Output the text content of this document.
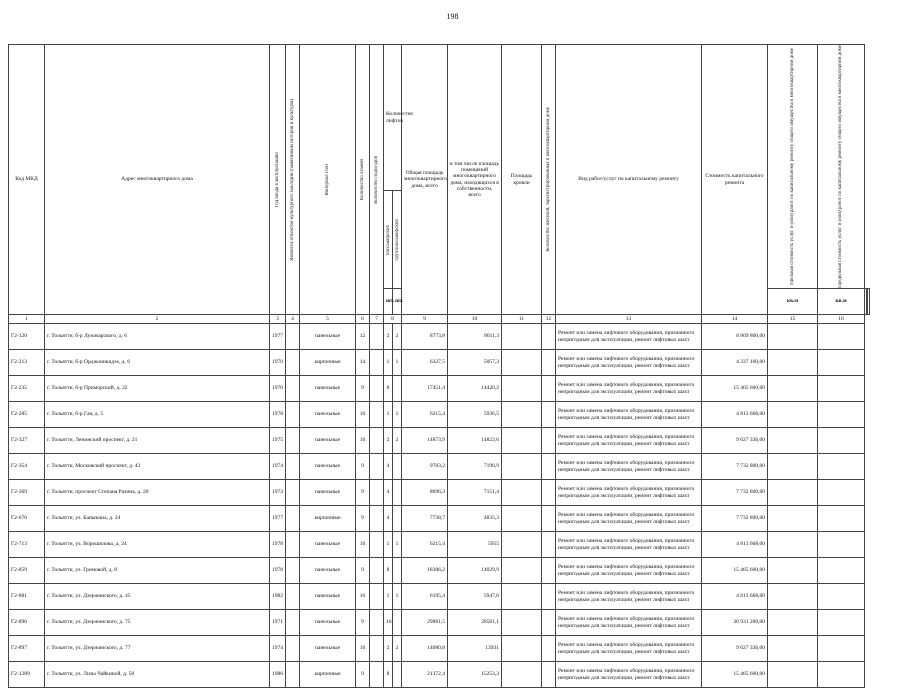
198
Код МКД	Адрес многоквартирного дома	Год ввода в эксплуатацию	Является объектом культурного наследия (памятником истории и культуры)	Материал стен	Количество этажей	Количество подъездов	Количество лифтов		Общая площадь многоквартирного дома, всего	в том числе площадь помещений многоквартирного дома, находящихся в собственности, всего	Площадь кровли	Количество жителей, зарегистрированных в многоквартирном доме	Вид работ/услуг по капитальному ремонту	Стоимость капитального ремонта	Удельная стоимость услуг и (или) работ по капитальному ремонту общего имущества в многоквартирном доме	Предельная стоимость услуг и (или) работ по капитальному ремонту общего имущества в многоквартирном доме		

							пассажирских	грузопассажирских										

							шт.	шт.							кв.м	кв.м			
1	2	3	4	5	6	7	8		9	10	11	12	13	14	15	16		
Г2-120	г. Тольятти, б-р Луначарского, д. 6	1977		панельные	12		2	2	8773,8	8611,3			Ремонт или замена лифтового оборудования, признанного непригодным для эксплуатации, ремонт лифтовых шахт	8 869 800,00				
Г2-213	г. Тольятти, б-р Орджоникидзе, д. 6	1970		кирпичные	14		1	1	6327,5	5057,3			Ремонт или замена лифтового оборудования, признанного непригодным для эксплуатации, ремонт лифтовых шахт	4 337 100,00				
Г2-235	г. Тольятти, б-р Приморский, д. 32	1970		панельные	9		8		17451,4	14420,2			Ремонт или замена лифтового оборудования, признанного непригодным для эксплуатации, ремонт лифтовых шахт	15 465 600,00				
Г2-285	г. Тольятти, б-р Гая, д. 5	1978		панельные	16		1	1	6215,4	5936,5			Ремонт или замена лифтового оборудования, признанного непригодным для эксплуатации, ремонт лифтовых шахт	4 813 668,00				
Г2-327	г. Тольятти, Ленинский проспект, д. 21	1975		панельные	16		2	2	14873,9	14822,6			Ремонт или замена лифтового оборудования, признанного непригодным для эксплуатации, ремонт лифтовых шахт	9 627 336,00				
Г2-354	г. Тольятти, Московский проспект, д. 43	1974		панельные	9		4		9783,2	7196,9			Ремонт или замена лифтового оборудования, признанного непригодным для эксплуатации, ремонт лифтовых шахт	7 732 800,00				
Г2-369	г. Тольятти, проспект Степана Разина, д. 20	1973		панельные	9		4		8696,3	7151,4			Ремонт или замена лифтового оборудования, признанного непригодным для эксплуатации, ремонт лифтовых шахт	7 732 800,00				
Г2-670	г. Тольятти, ул. Баныкина, д. 24	1977		кирпичные	9		4		7738,7	4835,3			Ремонт или замена лифтового оборудования, признанного непригодным для эксплуатации, ремонт лифтовых шахт	7 732 800,00				
Г2-713	г. Тольятти, ул. Ворошилова, д. 24	1978		панельные	16		1	1	6215,4	5955			Ремонт или замена лифтового оборудования, признанного непригодным для эксплуатации, ремонт лифтовых шахт	4 813 668,00				
Г2-859	г. Тольятти, ул. Громовой, д. 8	1978		панельные	9		8		18386,2	14029,9			Ремонт или замена лифтового оборудования, признанного непригодным для эксплуатации, ремонт лифтовых шахт	15 465 600,00				
Г2-881	г. Тольятти, ул. Дзержинского, д. 45	1982		панельные	16		1	1	6195,4	5947,6			Ремонт или замена лифтового оборудования, признанного непригодным для эксплуатации, ремонт лифтовых шахт	4 813 668,00				
Г2-890	г. Тольятти, ул. Дзержинского, д. 75	1971		панельные	9		16		29881,5	28581,1			Ремонт или замена лифтового оборудования, признанного непригодным для эксплуатации, ремонт лифтовых шахт	30 931 200,00				
Г2-897	г. Тольятти, ул. Дзержинского, д. 77	1974		панельные	16		2	2	14080,8	13931			Ремонт или замена лифтового оборудования, признанного непригодным для эксплуатации, ремонт лифтовых шахт	9 627 336,00				
Г2-1289	г. Тольятти, ул. Лизы Чайкиной, д. 50	1986		кирпичные	9		8		21372,4	15253,3			Ремонт или замена лифтового оборудования, признанного непригодным для эксплуатации, ремонт лифтовых шахт	15 465 600,00				
